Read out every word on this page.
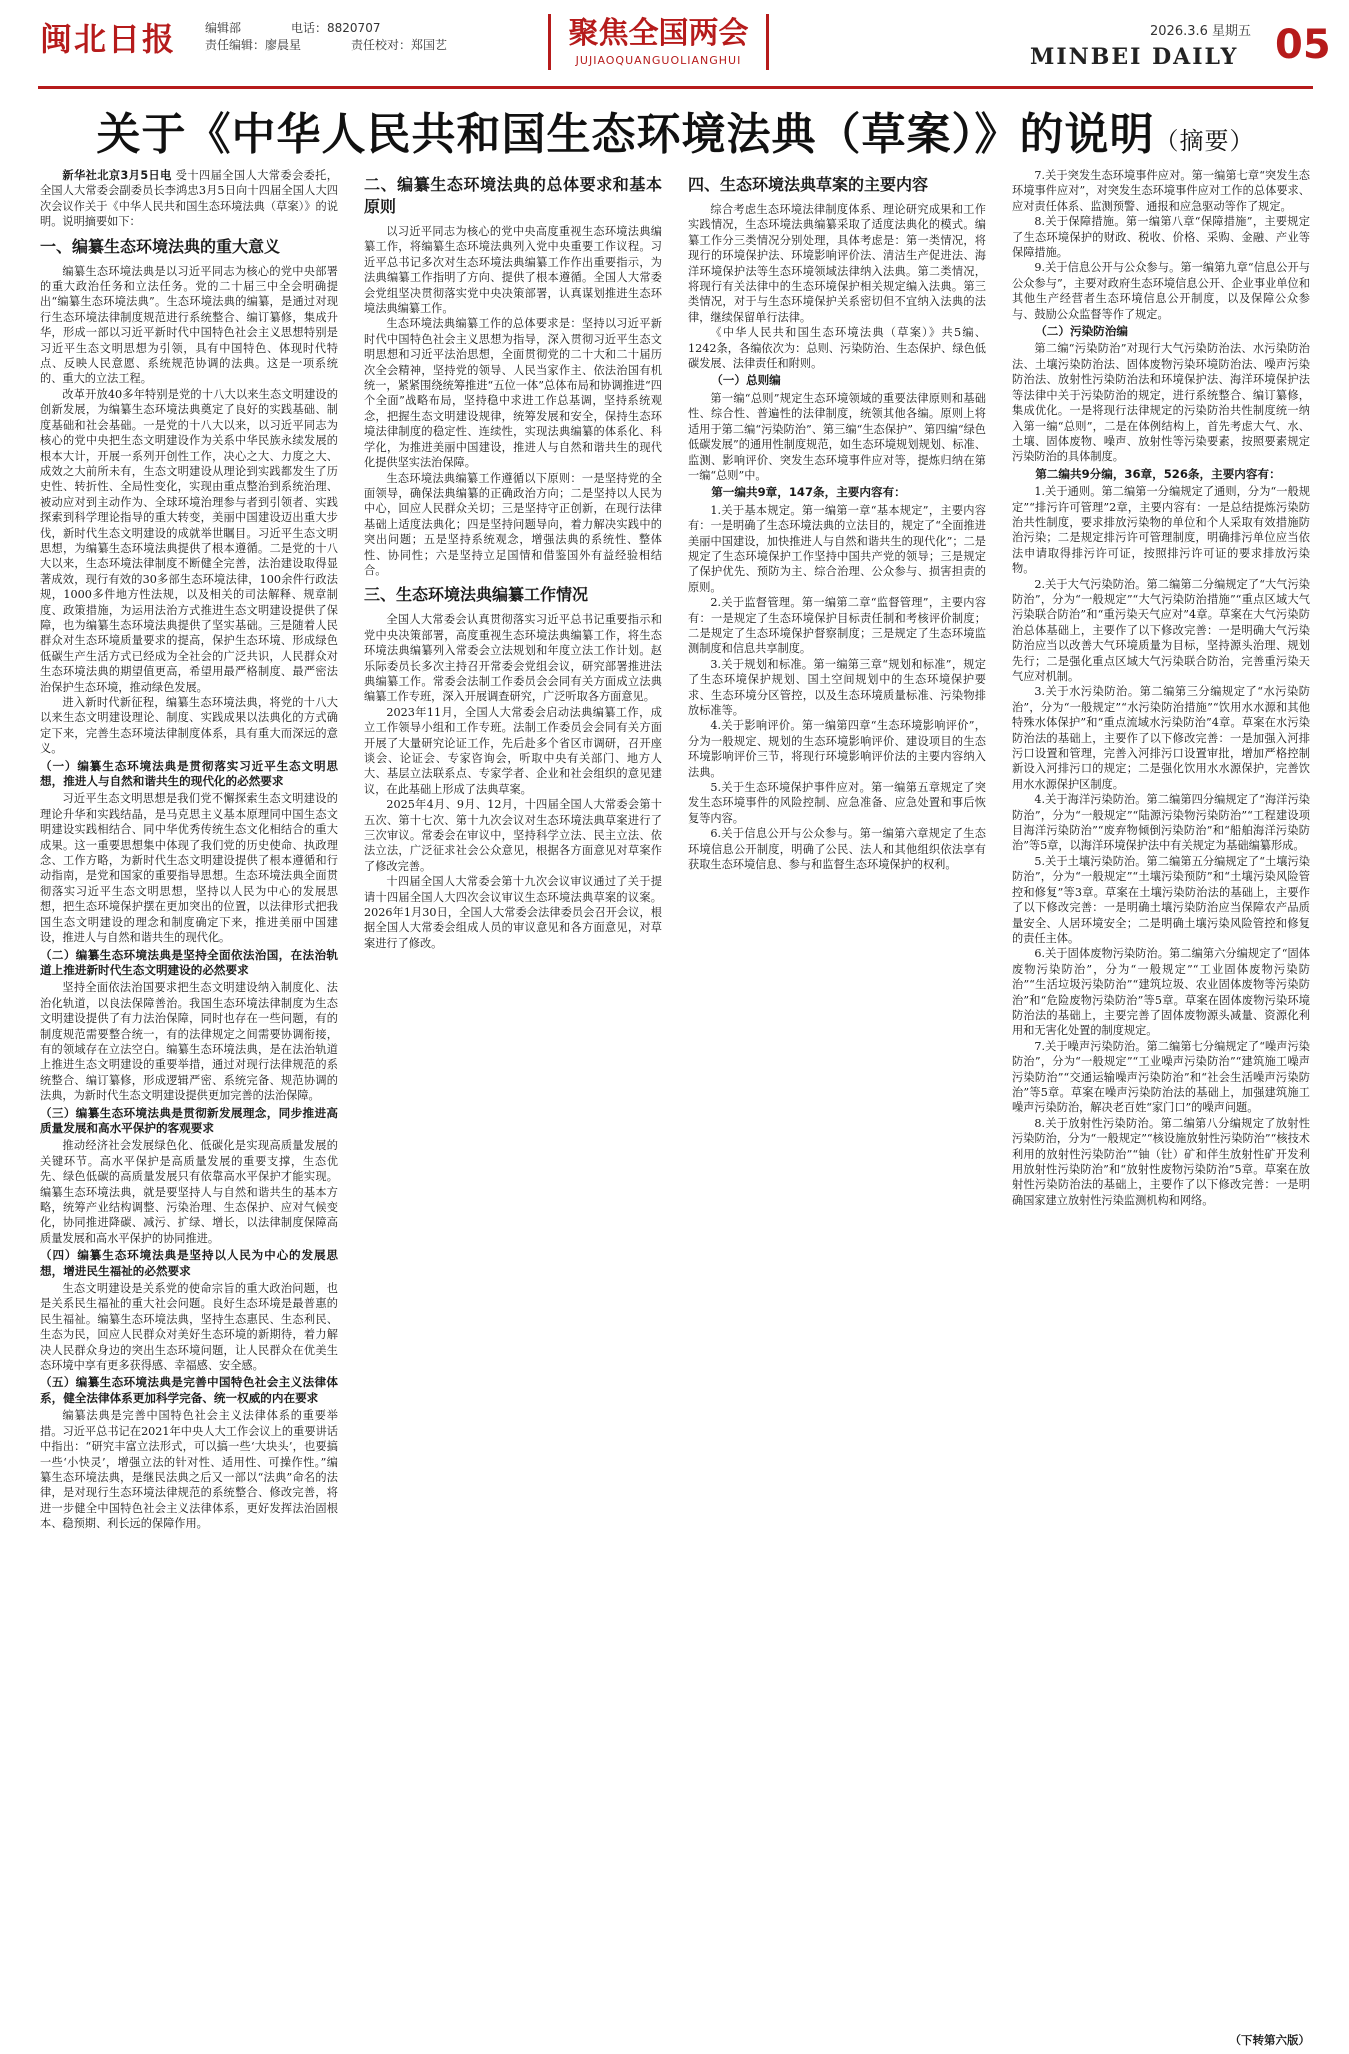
闽北日报 编辑部	电话：8820707
责任编辑：廖晨星	责任校对：郑国艺	聚焦全国两会
JUJIAOQUANGUOLIANGHUI
2026.3.6 星期五
MINBEI DAILY 05
关于《中华人民共和国生态环境法典（草案）》的说明（摘要）

新华社北京3月5日电 受十四届全国人大常委会委托，全国人大常委会副委员长李鸿忠3月5日向十四届全国人大四次会议作关于《中华人民共和国生态环境法典（草案）》的说明。说明摘要如下：

一、编纂生态环境法典的重大意义

编纂生态环境法典是以习近平同志为核心的党中央部署的重大政治任务和立法任务。党的二十届三中全会明确提出“编纂生态环境法典”。生态环境法典的编纂，是通过对现行生态环境法律制度规范进行系统整合、编订纂修，集成升华，形成一部以习近平新时代中国特色社会主义思想特别是习近平生态文明思想为引领，具有中国特色、体现时代特点、反映人民意愿、系统规范协调的法典。这是一项系统的、重大的立法工程。

改革开放40多年特别是党的十八大以来生态文明建设的创新发展，为编纂生态环境法典奠定了良好的实践基础、制度基础和社会基础。一是党的十八大以来，以习近平同志为核心的党中央把生态文明建设作为关系中华民族永续发展的根本大计，开展一系列开创性工作，决心之大、力度之大、成效之大前所未有，生态文明建设从理论到实践都发生了历史性、转折性、全局性变化，实现由重点整治到系统治理、被动应对到主动作为、全球环境治理参与者到引领者、实践探索到科学理论指导的重大转变，美丽中国建设迈出重大步伐，新时代生态文明建设的成就举世瞩目。习近平生态文明思想，为编纂生态环境法典提供了根本遵循。二是党的十八大以来，生态环境法律制度不断健全完善，法治建设取得显著成效，现行有效的30多部生态环境法律，100余件行政法规，1000多件地方性法规，以及相关的司法解释、规章制度、政策措施，为运用法治方式推进生态文明建设提供了保障，也为编纂生态环境法典提供了坚实基础。三是随着人民群众对生态环境质量要求的提高，保护生态环境、形成绿色低碳生产生活方式已经成为全社会的广泛共识，人民群众对生态环境法典的期望值更高，希望用最严格制度、最严密法治保护生态环境，推动绿色发展。

进入新时代新征程，编纂生态环境法典，将党的十八大以来生态文明建设理论、制度、实践成果以法典化的方式确定下来，完善生态环境法律制度体系，具有重大而深远的意义。

（一）编纂生态环境法典是贯彻落实习近平生态文明思想，推进人与自然和谐共生的现代化的必然要求

习近平生态文明思想是我们党不懈探索生态文明建设的理论升华和实践结晶，是马克思主义基本原理同中国生态文明建设实践相结合、同中华优秀传统生态文化相结合的重大成果。这一重要思想集中体现了我们党的历史使命、执政理念、工作方略，为新时代生态文明建设提供了根本遵循和行动指南，是党和国家的重要指导思想。生态环境法典全面贯彻落实习近平生态文明思想，坚持以人民为中心的发展思想，把生态环境保护摆在更加突出的位置，以法律形式把我国生态文明建设的理念和制度确定下来，推进美丽中国建设，推进人与自然和谐共生的现代化。

（二）编纂生态环境法典是坚持全面依法治国，在法治轨道上推进新时代生态文明建设的必然要求

坚持全面依法治国要求把生态文明建设纳入制度化、法治化轨道，以良法保障善治。我国生态环境法律制度为生态文明建设提供了有力法治保障，同时也存在一些问题，有的制度规范需要整合统一，有的法律规定之间需要协调衔接，有的领域存在立法空白。编纂生态环境法典，是在法治轨道上推进生态文明建设的重要举措，通过对现行法律规范的系统整合、编订纂修，形成逻辑严密、系统完备、规范协调的法典，为新时代生态文明建设提供更加完善的法治保障。

（三）编纂生态环境法典是贯彻新发展理念，同步推进高质量发展和高水平保护的客观要求

推动经济社会发展绿色化、低碳化是实现高质量发展的关键环节。高水平保护是高质量发展的重要支撑，生态优先、绿色低碳的高质量发展只有依靠高水平保护才能实现。编纂生态环境法典，就是要坚持人与自然和谐共生的基本方略，统筹产业结构调整、污染治理、生态保护、应对气候变化，协同推进降碳、减污、扩绿、增长，以法律制度保障高质量发展和高水平保护的协同推进。

（四）编纂生态环境法典是坚持以人民为中心的发展思想，增进民生福祉的必然要求

生态文明建设是关系党的使命宗旨的重大政治问题，也是关系民生福祉的重大社会问题。良好生态环境是最普惠的民生福祉。编纂生态环境法典，坚持生态惠民、生态利民、生态为民，回应人民群众对美好生态环境的新期待，着力解决人民群众身边的突出生态环境问题，让人民群众在优美生态环境中享有更多获得感、幸福感、安全感。

（五）编纂生态环境法典是完善中国特色社会主义法律体系，健全法律体系更加科学完备、统一权威的内在要求

编纂法典是完善中国特色社会主义法律体系的重要举措。习近平总书记在2021年中央人大工作会议上的重要讲话中指出：“研究丰富立法形式，可以搞一些‘大块头’，也要搞一些‘小快灵’，增强立法的针对性、适用性、可操作性。”编纂生态环境法典，是继民法典之后又一部以“法典”命名的法律，是对现行生态环境法律规范的系统整合、修改完善，将进一步健全中国特色社会主义法律体系，更好发挥法治固根本、稳预期、利长远的保障作用。

二、编纂生态环境法典的总体要求和基本原则

以习近平同志为核心的党中央高度重视生态环境法典编纂工作，将编纂生态环境法典列入党中央重要工作议程。习近平总书记多次对生态环境法典编纂工作作出重要指示，为法典编纂工作指明了方向、提供了根本遵循。全国人大常委会党组坚决贯彻落实党中央决策部署，认真谋划推进生态环境法典编纂工作。

生态环境法典编纂工作的总体要求是：坚持以习近平新时代中国特色社会主义思想为指导，深入贯彻习近平生态文明思想和习近平法治思想，全面贯彻党的二十大和二十届历次全会精神，坚持党的领导、人民当家作主、依法治国有机统一，紧紧围绕统筹推进“五位一体”总体布局和协调推进“四个全面”战略布局，坚持稳中求进工作总基调，坚持系统观念，把握生态文明建设规律，统筹发展和安全，保持生态环境法律制度的稳定性、连续性，实现法典编纂的体系化、科学化，为推进美丽中国建设，推进人与自然和谐共生的现代化提供坚实法治保障。

生态环境法典编纂工作遵循以下原则：一是坚持党的全面领导，确保法典编纂的正确政治方向；二是坚持以人民为中心，回应人民群众关切；三是坚持守正创新，在现行法律基础上适度法典化；四是坚持问题导向，着力解决实践中的突出问题；五是坚持系统观念，增强法典的系统性、整体性、协同性；六是坚持立足国情和借鉴国外有益经验相结合。

三、生态环境法典编纂工作情况

全国人大常委会认真贯彻落实习近平总书记重要指示和党中央决策部署，高度重视生态环境法典编纂工作，将生态环境法典编纂列入常委会立法规划和年度立法工作计划。赵乐际委员长多次主持召开常委会党组会议，研究部署推进法典编纂工作。常委会法制工作委员会会同有关方面成立法典编纂工作专班，深入开展调查研究，广泛听取各方面意见。

2023年11月，全国人大常委会启动法典编纂工作，成立工作领导小组和工作专班。法制工作委员会会同有关方面开展了大量研究论证工作，先后赴多个省区市调研，召开座谈会、论证会、专家咨询会，听取中央有关部门、地方人大、基层立法联系点、专家学者、企业和社会组织的意见建议，在此基础上形成了法典草案。

2025年4月、9月、12月，十四届全国人大常委会第十五次、第十七次、第十九次会议对生态环境法典草案进行了三次审议。常委会在审议中，坚持科学立法、民主立法、依法立法，广泛征求社会公众意见，根据各方面意见对草案作了修改完善。

十四届全国人大常委会第十九次会议审议通过了关于提请十四届全国人大四次会议审议生态环境法典草案的议案。2026年1月30日，全国人大常委会法律委员会召开会议，根据全国人大常委会组成人员的审议意见和各方面意见，对草案进行了修改。

四、生态环境法典草案的主要内容

综合考虑生态环境法律制度体系、理论研究成果和工作实践情况，生态环境法典编纂采取了适度法典化的模式。编纂工作分三类情况分别处理，具体考虑是：第一类情况，将现行的环境保护法、环境影响评价法、清洁生产促进法、海洋环境保护法等生态环境领域法律纳入法典。第二类情况，将现行有关法律中的生态环境保护相关规定编入法典。第三类情况，对于与生态环境保护关系密切但不宜纳入法典的法律，继续保留单行法律。

《中华人民共和国生态环境法典（草案）》共5编、1242条，各编依次为：总则、污染防治、生态保护、绿色低碳发展、法律责任和附则。

（一）总则编

第一编“总则”规定生态环境领域的重要法律原则和基础性、综合性、普遍性的法律制度，统领其他各编。原则上将适用于第二编“污染防治”、第三编“生态保护”、第四编“绿色低碳发展”的通用性制度规范，如生态环境规划规划、标准、监测、影响评价、突发生态环境事件应对等，提炼归纳在第一编“总则”中。

第一编共9章，147条，主要内容有：

1.关于基本规定。第一编第一章“基本规定”，主要内容有：一是明确了生态环境法典的立法目的，规定了“全面推进美丽中国建设，加快推进人与自然和谐共生的现代化”；二是规定了生态环境保护工作坚持中国共产党的领导；三是规定了保护优先、预防为主、综合治理、公众参与、损害担责的原则。

2.关于监督管理。第一编第二章“监督管理”，主要内容有：一是规定了生态环境保护目标责任制和考核评价制度；二是规定了生态环境保护督察制度；三是规定了生态环境监测制度和信息共享制度。

3.关于规划和标准。第一编第三章“规划和标准”，规定了生态环境保护规划、国土空间规划中的生态环境保护要求、生态环境分区管控，以及生态环境质量标准、污染物排放标准等。

4.关于影响评价。第一编第四章“生态环境影响评价”，分为一般规定、规划的生态环境影响评价、建设项目的生态环境影响评价三节，将现行环境影响评价法的主要内容纳入法典。

5.关于生态环境保护事件应对。第一编第五章规定了突发生态环境事件的风险控制、应急准备、应急处置和事后恢复等内容。

6.关于信息公开与公众参与。第一编第六章规定了生态环境信息公开制度，明确了公民、法人和其他组织依法享有获取生态环境信息、参与和监督生态环境保护的权利。

7.关于突发生态环境事件应对。第一编第七章“突发生态环境事件应对”，对突发生态环境事件应对工作的总体要求、应对责任体系、监测预警、通报和应急驱动等作了规定。

8.关于保障措施。第一编第八章“保障措施”，主要规定了生态环境保护的财政、税收、价格、采购、金融、产业等保障措施。

9.关于信息公开与公众参与。第一编第九章“信息公开与公众参与”，主要对政府生态环境信息公开、企业事业单位和其他生产经营者生态环境信息公开制度，以及保障公众参与、鼓励公众监督等作了规定。

（二）污染防治编

第二编“污染防治”对现行大气污染防治法、水污染防治法、土壤污染防治法、固体废物污染环境防治法、噪声污染防治法、放射性污染防治法和环境保护法、海洋环境保护法等法律中关于污染防治的规定，进行系统整合、编订纂修，集成优化。一是将现行法律规定的污染防治共性制度统一纳入第一编“总则”，二是在体例结构上，首先考虑大气、水、土壤、固体废物、噪声、放射性等污染要素，按照要素规定污染防治的具体制度。

第二编共9分编，36章，526条，主要内容有：

1.关于通则。第二编第一分编规定了通则，分为“一般规定”“排污许可管理”2章，主要内容有：一是总结提炼污染防治共性制度，要求排放污染物的单位和个人采取有效措施防治污染；二是规定排污许可管理制度，明确排污单位应当依法申请取得排污许可证，按照排污许可证的要求排放污染物。

2.关于大气污染防治。第二编第二分编规定了“大气污染防治”，分为“一般规定”“大气污染防治措施”“重点区域大气污染联合防治”和“重污染天气应对”4章。草案在大气污染防治总体基础上，主要作了以下修改完善：一是明确大气污染防治应当以改善大气环境质量为目标，坚持源头治理、规划先行；二是强化重点区域大气污染联合防治，完善重污染天气应对机制。

3.关于水污染防治。第二编第三分编规定了“水污染防治”，分为“一般规定”“水污染防治措施”“饮用水水源和其他特殊水体保护”和“重点流域水污染防治”4章。草案在水污染防治法的基础上，主要作了以下修改完善：一是加强入河排污口设置和管理，完善入河排污口设置审批，增加严格控制新设入河排污口的规定；二是强化饮用水水源保护，完善饮用水水源保护区制度。

4.关于海洋污染防治。第二编第四分编规定了“海洋污染防治”，分为“一般规定”“陆源污染物污染防治”“工程建设项目海洋污染防治”“废弃物倾倒污染防治”和“船舶海洋污染防治”等5章，以海洋环境保护法中有关规定为基础编纂形成。

5.关于土壤污染防治。第二编第五分编规定了“土壤污染防治”，分为“一般规定”“土壤污染预防”和“土壤污染风险管控和修复”等3章。草案在土壤污染防治法的基础上，主要作了以下修改完善：一是明确土壤污染防治应当保障农产品质量安全、人居环境安全；二是明确土壤污染风险管控和修复的责任主体。

6.关于固体废物污染防治。第二编第六分编规定了“固体废物污染防治”，分为“一般规定”“工业固体废物污染防治”“生活垃圾污染防治”“建筑垃圾、农业固体废物等污染防治”和“危险废物污染防治”等5章。草案在固体废物污染环境防治法的基础上，主要完善了固体废物源头减量、资源化利用和无害化处置的制度规定。

7.关于噪声污染防治。第二编第七分编规定了“噪声污染防治”，分为“一般规定”“工业噪声污染防治”“建筑施工噪声污染防治”“交通运输噪声污染防治”和“社会生活噪声污染防治”等5章。草案在噪声污染防治法的基础上，加强建筑施工噪声污染防治，解决老百姓“家门口”的噪声问题。

8.关于放射性污染防治。第二编第八分编规定了放射性污染防治，分为“一般规定”“核设施放射性污染防治”“核技术利用的放射性污染防治”“铀（钍）矿和伴生放射性矿开发利用放射性污染防治”和“放射性废物污染防治”5章。草案在放射性污染防治法的基础上，主要作了以下修改完善：一是明确国家建立放射性污染监测机构和网络。

（下转第六版）
